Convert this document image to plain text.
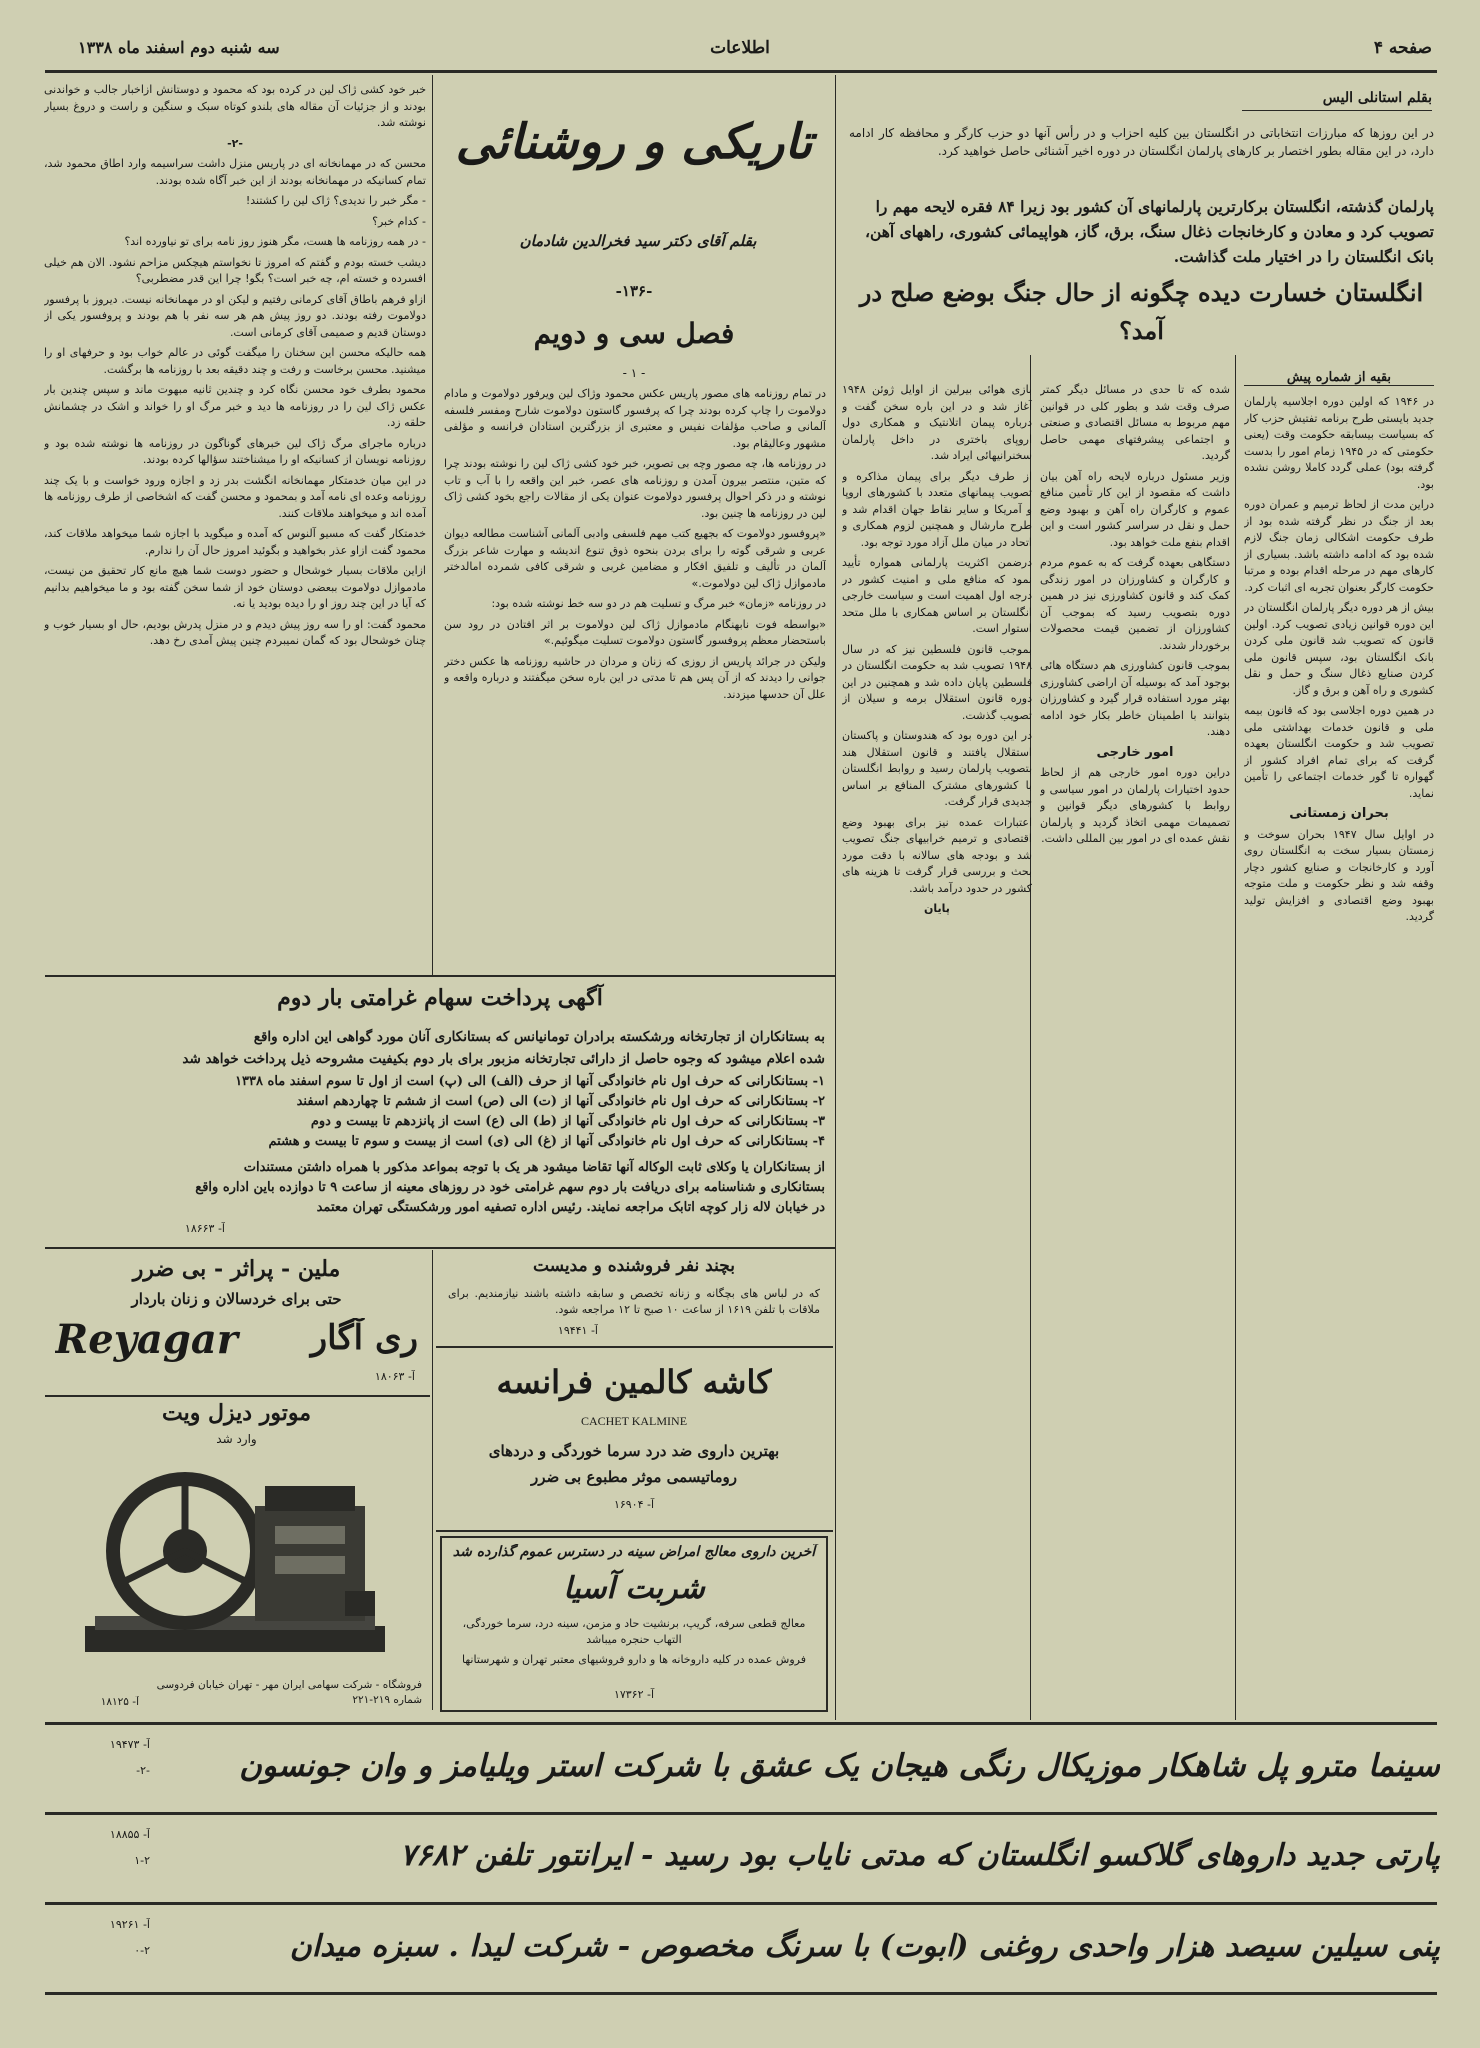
صفحه ۴
اطلاعات
سه شنبه دوم اسفند ماه ۱۳۳۸
بقلم استانلی الیس
در این روزها که مبارزات انتخاباتی در انگلستان بین کلیه احزاب و در رأس آنها دو حزب کارگر و محافظه کار ادامه دارد، در این مقاله بطور اختصار بر کارهای پارلمان انگلستان در دوره اخیر آشنائی حاصل خواهید کرد.
پارلمان گذشته، انگلستان برکارترین پارلمانهای آن کشور بود زیرا ۸۴ فقره لایحه مهم را تصویب کرد و معادن و کارخانجات ذغال سنگ، برق، گاز، هواپیمائی کشوری، راههای آهن، بانک انگلستان را در اختیار ملت گذاشت.
انگلستان خسارت دیده چگونه از حال جنگ بوضع صلح در آمد؟
بقیه از شماره پیش

در ۱۹۴۶ که اولین دوره اجلاسیه پارلمان جدید بایستی طرح برنامه تفتیش حزب کار که بسیاست بیسابقه حکومت وقت (یعنی حکومتی که در ۱۹۴۵ زمام امور را بدست گرفته بود) عملی گردد کاملا روشن نشده بود.

دراین مدت از لحاظ ترمیم و عمران دوره بعد از جنگ در نظر گرفته شده بود از طرف حکومت اشکالی زمان جنگ لازم شده بود که ادامه داشته باشد. بسیاری از کارهای مهم در مرحله اقدام بوده و مرتبا حکومت کارگر بعنوان تجربه ای اثبات کرد.

بیش از هر دوره دیگر پارلمان انگلستان در این دوره قوانین زیادی تصویب کرد. اولین قانون که تصویب شد قانون ملی کردن بانک انگلستان بود، سپس قانون ملی کردن صنایع ذغال سنگ و حمل و نقل کشوری و راه آهن و برق و گاز.

در همین دوره اجلاسی بود که قانون بیمه ملی و قانون خدمات بهداشتی ملی تصویب شد و حکومت انگلستان بعهده گرفت که برای تمام افراد کشور از گهواره تا گور خدمات اجتماعی را تأمین نماید.

بحران زمستانی

در اوایل سال ۱۹۴۷ بحران سوخت و زمستان بسیار سخت به انگلستان روی آورد و کارخانجات و صنایع کشور دچار وقفه شد و نظر حکومت و ملت متوجه بهبود وضع اقتصادی و افزایش تولید گردید.

شده که تا حدی در مسائل دیگر کمتر صرف وقت شد و بطور کلی در قوانین مهم مربوط به مسائل اقتصادی و صنعتی و اجتماعی پیشرفتهای مهمی حاصل گردید.

وزیر مسئول درباره لایحه راه آهن بیان داشت که مقصود از این کار تأمین منافع عموم و کارگران راه آهن و بهبود وضع حمل و نقل در سراسر کشور است و این اقدام بنفع ملت خواهد بود.

دستگاهی بعهده گرفت که به عموم مردم و کارگران و کشاورزان در امور زندگی کمک کند و قانون کشاورزی نیز در همین دوره بتصویب رسید که بموجب آن کشاورزان از تضمین قیمت محصولات برخوردار شدند.

بموجب قانون کشاورزی هم دستگاه هائی بوجود آمد که بوسیله آن اراضی کشاورزی بهتر مورد استفاده قرار گیرد و کشاورزان بتوانند با اطمینان خاطر بکار خود ادامه دهند.

امور خارجی

دراین دوره امور خارجی هم از لحاظ حدود اختیارات پارلمان در امور سیاسی و روابط با کشورهای دیگر قوانین و تصمیمات مهمی اتخاذ گردید و پارلمان نقش عمده ای در امور بین المللی داشت.

بازی هوائی بیرلین از اوایل ژوئن ۱۹۴۸ آغاز شد و در این باره سخن گفت و درباره پیمان اتلانتیک و همکاری دول اروپای باختری در داخل پارلمان سخنرانیهائی ایراد شد.

از طرف دیگر برای پیمان مذاکره و تصویب پیمانهای متعدد با کشورهای اروپا و آمریکا و سایر نقاط جهان اقدام شد و طرح مارشال و همچنین لزوم همکاری و اتحاد در میان ملل آزاد مورد توجه بود.

درضمن اکثریت پارلمانی همواره تأیید نمود که منافع ملی و امنیت کشور در درجه اول اهمیت است و سیاست خارجی انگلستان بر اساس همکاری با ملل متحد استوار است.

بموجب قانون فلسطین نیز که در سال ۱۹۴۸ تصویب شد به حکومت انگلستان در فلسطین پایان داده شد و همچنین در این دوره قانون استقلال برمه و سیلان از تصویب گذشت.

در این دوره بود که هندوستان و پاکستان استقلال یافتند و قانون استقلال هند بتصویب پارلمان رسید و روابط انگلستان با کشورهای مشترک المنافع بر اساس جدیدی قرار گرفت.

اعتبارات عمده نیز برای بهبود وضع اقتصادی و ترمیم خرابیهای جنگ تصویب شد و بودجه های سالانه با دقت مورد بحث و بررسی قرار گرفت تا هزینه های کشور در حدود درآمد باشد.

پایان

تاریکی و روشنائی
بقلم آقای دکتر سید فخرالدین شادمان
-۱۳۶-
فصل سی و دویم
- ۱ -

در تمام روزنامه های مصور پاریس عکس محمود وژاک لین ویرفور دولاموت و مادام دولاموت را چاپ کرده بودند چرا که پرفسور گاستون دولاموت شارح ومفسر فلسفه آلمانی و صاحب مؤلفات نفیس و معتبری از بزرگترین استادان فرانسه و مؤلفی مشهور وعالیقام بود.

در روزنامه ها، چه مصور وچه بی تصویر، خبر خود کشی ژاک لین را نوشته بودند چرا که متین، منتصر بیرون آمدن و روزنامه های عصر، خبر این واقعه را با آب و تاب نوشته و در ذکر احوال پرفسور دولاموت عنوان یکی از مقالات راجع بخود کشی ژاک لین در روزنامه ها چنین بود.

«پروفسور دولاموت که بجهیع کتب مهم فلسفی وادبی آلمانی آشناست مطالعه دیوان عربی و شرقی گوته را برای بردن بنحوه ذوق تنوع اندیشه و مهارت شاعر بزرگ آلمان در تألیف و تلفیق افکار و مضامین غربی و شرقی کافی شمرده امالدختر مادموازل ژاک لین دولاموت.»

در روزنامه «زمان» خبر مرگ و تسلیت هم در دو سه خط نوشته شده بود:

«بواسطه فوت نابهنگام مادموازل ژاک لین دولاموت بر اثر افتادن در رود سن باستحضار معظم پروفسور گاستون دولاموت تسلیت میگوئیم.»

ولیکن در جرائد پاریس از روزی که زنان و مردان در حاشیه روزنامه ها عکس دختر جوانی را دیدند که از آن پس هم تا مدتی در این باره سخن میگفتند و درباره واقعه و علل آن حدسها میزدند.

خبر خود کشی ژاک لین در کرده بود که محمود و دوستانش ازاخبار جالب و خواندنی بودند و از جزئیات آن مقاله های بلندو کوتاه سبک و سنگین و راست و دروغ بسیار نوشته شد.

-۲-

محسن که در مهمانخانه ای در پاریس منزل داشت سراسیمه وارد اطاق محمود شد، تمام کسانیکه در مهمانخانه بودند از این خبر آگاه شده بودند.

- مگر خبر را ندیدی؟ ژاک لین را کشتند!

- کدام خبر؟

- در همه روزنامه ها هست، مگر هنوز روز نامه برای تو نیاورده اند؟

دیشب خسته بودم و گفتم که امروز تا نخواستم هیچکس مزاحم نشود. الان هم خیلی افسرده و خسته ام، چه خبر است؟ بگو! چرا این قدر مضطربی؟

ازاو فرهم باطاق آقای کرمانی رفتیم و لیکن او در مهمانخانه نیست. دیروز با پرفسور دولاموت رفته بودند. دو روز پیش هم هر سه نفر با هم بودند و پروفسور یکی از دوستان قدیم و صمیمی آقای کرمانی است.

همه حالیکه محسن این سخنان را میگفت گوئی در عالم خواب بود و حرفهای او را میشنید. محسن برخاست و رفت و چند دقیقه بعد با روزنامه ها برگشت.

محمود بطرف خود محسن نگاه کرد و چندین ثانیه مبهوت ماند و سپس چندین بار عکس ژاک لین را در روزنامه ها دید و خبر مرگ او را خواند و اشک در چشمانش حلقه زد.

درباره ماجرای مرگ ژاک لین خبرهای گوناگون در روزنامه ها نوشته شده بود و روزنامه نویسان از کسانیکه او را میشناختند سؤالها کرده بودند.

در این میان خدمتکار مهمانخانه انگشت بدر زد و اجازه ورود خواست و با یک چند روزنامه وعده ای نامه آمد و بمحمود و محسن گفت که اشخاصی از طرف روزنامه ها آمده اند و میخواهند ملاقات کنند.

خدمتکار گفت که مسیو آلنوس که آمده و میگوید با اجازه شما میخواهد ملاقات کند، محمود گفت ازاو عذر بخواهید و بگوئید امروز حال آن را ندارم.

ازاین ملاقات بسیار خوشحال و حضور دوست شما هیچ مانع کار تحقیق من نیست، مادموازل دولاموت ببعضی دوستان خود از شما سخن گفته بود و ما میخواهیم بدانیم که آیا در این چند روز او را دیده بودید یا نه.

محمود گفت: او را سه روز پیش دیدم و در منزل پدرش بودیم، حال او بسیار خوب و چنان خوشحال بود که گمان نمیبردم چنین پیش آمدی رخ دهد.

آگهی پرداخت سهام غرامتی بار دوم
به بستانکاران از تجارتخانه ورشکسته برادران تومانیانس که بستانکاری آنان مورد گواهی این اداره واقع
شده اعلام میشود که وجوه حاصل از دارائی تجارتخانه مزبور برای بار دوم بکیفیت مشروحه ذیل پرداخت خواهد شد
۱- بستانکارانی که حرف اول نام خانوادگی آنها از حرف (الف) الی (پ) است از اول تا سوم اسفند ماه ۱۳۳۸
۲- بستانکارانی که حرف اول نام خانوادگی آنها از (ت) الی (ص) است از ششم تا چهاردهم اسفند
۳- بستانکارانی که حرف اول نام خانوادگی آنها از (ط) الی (ع) است از پانزدهم تا بیست و دوم
۴- بستانکارانی که حرف اول نام خانوادگی آنها از (غ) الی (ی) است از بیست و سوم تا بیست و هشتم
از بستانکاران یا وکلای ثابت الوکاله آنها تقاضا میشود هر یک با توجه بمواعد مذکور با همراه داشتن مستندات
بستانکاری و شناسنامه برای دریافت بار دوم سهم غرامتی خود در روزهای معینه از ساعت ۹ تا دوازده باین اداره واقع
در خیابان لاله زار کوچه اتابک مراجعه نمایند. رئیس اداره تصفیه امور ورشکستگی تهران معتمد
آ- ۱۸۶۶۳
ملین - پراثر - بی ضرر
حتی برای خردسالان و زنان باردار
Reyagar	ری آگار
آ- ۱۸۰۶۳
موتور دیزل ویت
وارد شد
فروشگاه - شرکت سهامی ایران مهر - تهران خیابان فردوسی شماره ۲۱۹-۲۲۱
آ- ۱۸۱۲۵
بچند نفر فروشنده و مدیست
که در لباس های بچگانه و زنانه تخصص و سابقه داشته باشند نیازمندیم. برای ملاقات با تلفن ۱۶۱۹ از ساعت ۱۰ صبح تا ۱۲ مراجعه شود.
آ- ۱۹۴۴۱
کاشه کالمین فرانسه
CACHET KALMINE
بهترین داروی ضد درد سرما خوردگی و دردهای
روماتیسمی موثر مطبوع بی ضرر
آ- ۱۶۹۰۴
آخرین داروی معالج امراض سینه در دسترس عموم گذارده شد
شربت آسیا
معالج قطعی سرفه، گریپ، برنشیت حاد و مزمن، سینه درد، سرما خوردگی، التهاب حنجره میباشد
فروش عمده در کلیه داروخانه ها و دارو فروشیهای معتبر تهران و شهرستانها
آ- ۱۷۳۶۲
سینما مترو پل شاهکار موزیکال رنگی هیجان یک عشق با شرکت استر ویلیامز و وان جونسون
آ- ۱۹۴۷۳
-۲-
پارتی جدید داروهای گلاکسو انگلستان که مدتی نایاب بود رسید - ایرانتور تلفن ۷۶۸۲
آ- ۱۸۸۵۵
۱-۲
پنی سیلین سیصد هزار واحدی روغنی (ابوت) با سرنگ مخصوص - شرکت لیدا . سبزه میدان
آ- ۱۹۲۶۱
۰-۲
